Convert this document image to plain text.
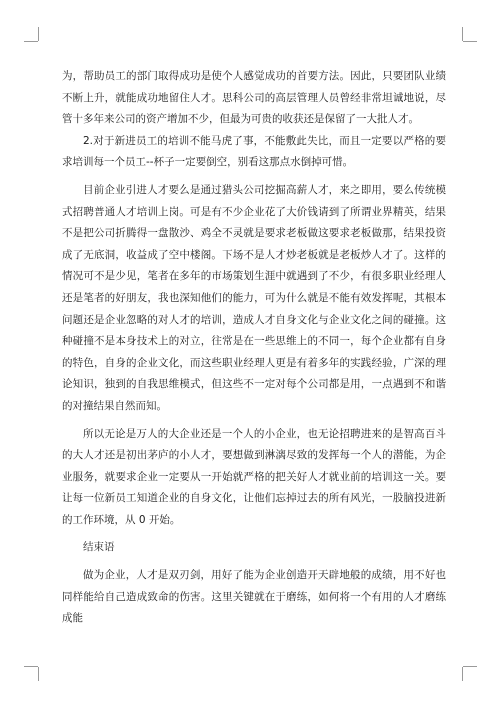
为，帮助员工的部门取得成功是使个人感觉成功的首要方法。因此，只要团队业绩不断上升，就能成功地留住人才。思科公司的高层管理人员曾经非常坦诚地说，尽管十多年来公司的资产增加不少，但最为可贵的收获还是保留了一大批人才。

2.对于新进员工的培训不能马虎了事，不能敷此失比，而且一定要以严格的要求培训每一个员工--杯子一定要倒空，别看这那点水倒掉可惜。

目前企业引进人才要么是通过猎头公司挖掘高薪人才，来之即用，要么传统模式招聘普通人才培训上岗。可是有不少企业花了大价钱请到了所谓业界精英，结果不是把公司折腾得一盘散沙、鸡全不灵就是要求老板做这要求老板做那，结果投资成了无底洞，收益成了空中楼阁。下场不是人才炒老板就是老板炒人才了。这样的情况可不是少见，笔者在多年的市场策划生涯中就遇到了不少，有很多职业经理人还是笔者的好朋友，我也深知他们的能力，可为什么就是不能有效发挥呢，其根本问题还是企业忽略的对人才的培训，造成人才自身文化与企业文化之间的碰撞。这种碰撞不是本身技术上的对立，往常是在一些思维上的不同一，每个企业都有自身的特色，自身的企业文化，而这些职业经理人更是有着多年的实践经验，广深的理论知识，独到的自我思维模式，但这些不一定对每个公司都是用，一点遇到不和谐的对撞结果自然而知。

所以无论是万人的大企业还是一个人的小企业，也无论招聘进来的是智高百斗的大人才还是初出茅庐的小人才，要想做到淋漓尽致的发挥每一个人的潜能，为企业服务，就要求企业一定要从一开始就严格的把关好人才就业前的培训这一关。要让每一位新员工知道企业的自身文化，让他们忘掉过去的所有风光，一股脑投进新的工作环境，从 0 开始。

结束语

做为企业，人才是双刃剑，用好了能为企业创造开天辟地般的成绩，用不好也同样能给自己造成致命的伤害。这里关键就在于磨练，如何将一个有用的人才磨练成能
